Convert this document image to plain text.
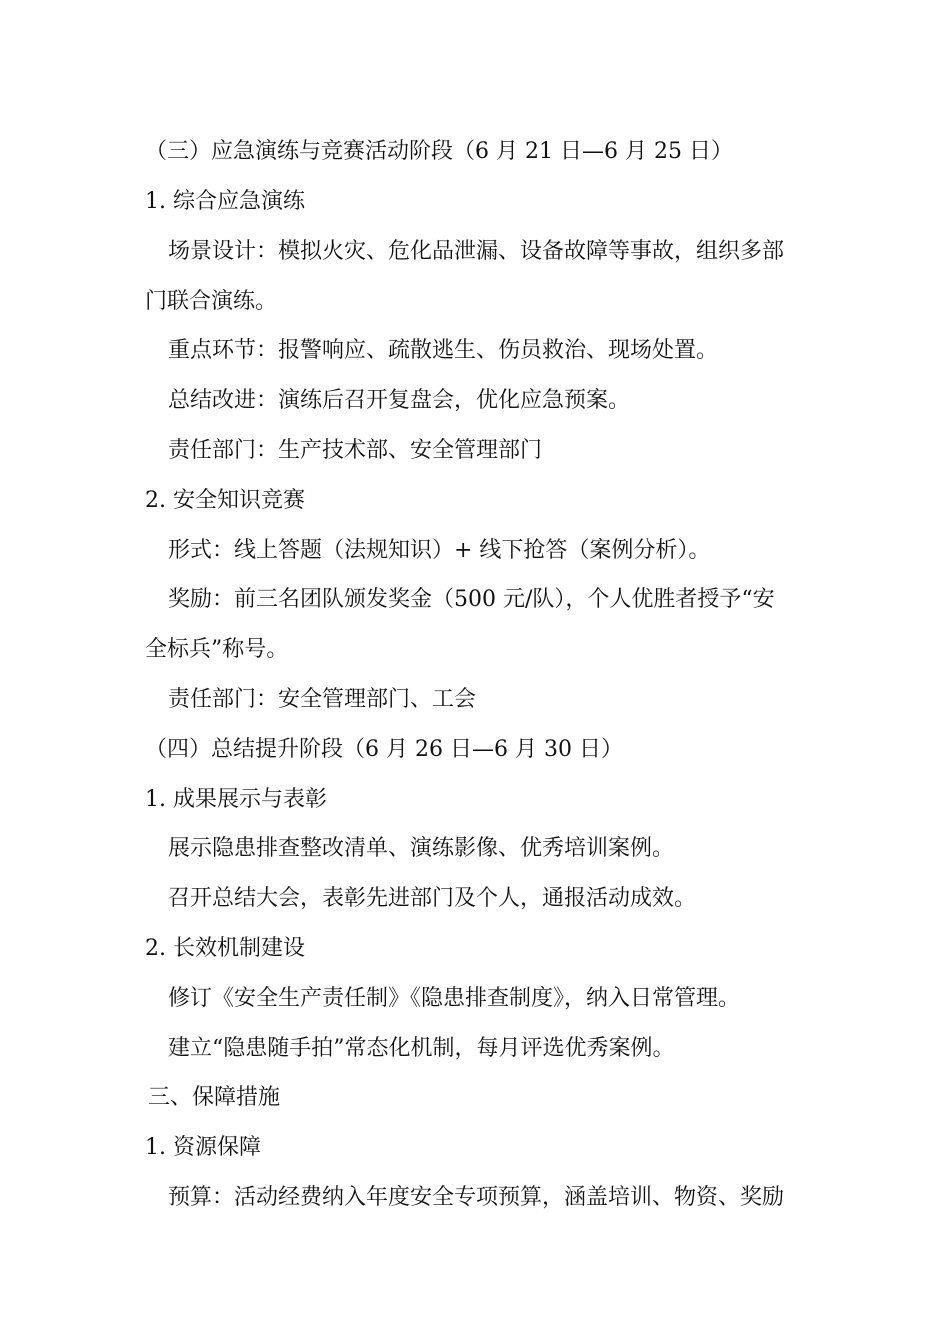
（三）应急演练与竞赛活动阶段（6 月 21 日—6 月 25 日）
1. 综合应急演练
场景设计：模拟火灾、危化品泄漏、设备故障等事故，组织多部
门联合演练。
重点环节：报警响应、疏散逃生、伤员救治、现场处置。
总结改进：演练后召开复盘会，优化应急预案。
责任部门：生产技术部、安全管理部门
2. 安全知识竞赛
形式：线上答题（法规知识）+ 线下抢答（案例分析）。
奖励：前三名团队颁发奖金（500 元/队），个人优胜者授予“安
全标兵”称号。
责任部门：安全管理部门、工会
（四）总结提升阶段（6 月 26 日—6 月 30 日）
1. 成果展示与表彰
展示隐患排查整改清单、演练影像、优秀培训案例。
召开总结大会，表彰先进部门及个人，通报活动成效。
2. 长效机制建设
修订《安全生产责任制》《隐患排查制度》，纳入日常管理。
建立“隐患随手拍”常态化机制，每月评选优秀案例。
三、保障措施
1. 资源保障
预算：活动经费纳入年度安全专项预算，涵盖培训、物资、奖励
